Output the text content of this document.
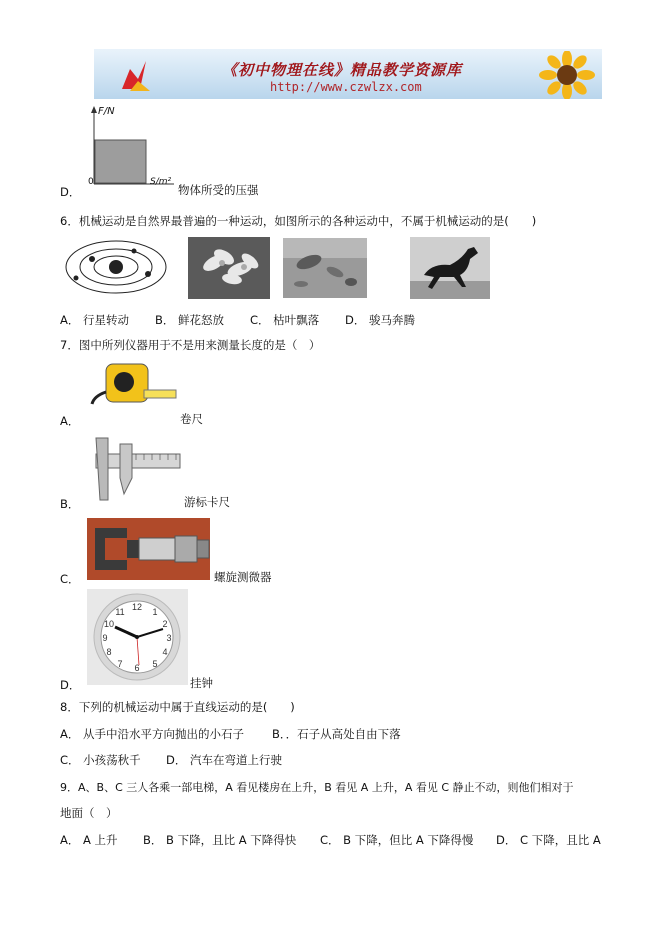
《初中物理在线》精品教学资源库
http://www.czwlzx.com
F/N
0	S/m²
D．	物体所受的压强
6．机械运动是自然界最普遍的一种运动，如图所示的各种运动中，不属于机械运动的是(　　)
A． 行星转动 B． 鲜花怒放 C． 枯叶飘落 D． 骏马奔腾
7．图中所列仪器用于不是用来测量长度的是（　）
A．	卷尺
B．	游标卡尺
C．	螺旋测微器
12 1
2
3
4
5
6
7
8
9
10
11
D．	挂钟
8．下列的机械运动中属于直线运动的是(　　)
A． 从手中沿水平方向抛出的小石子 B．．石子从高处自由下落
C． 小孩荡秋千 D． 汽车在弯道上行驶
9．A、B、C 三人各乘一部电梯，A 看见楼房在上升，B 看见 A 上升，A 看见 C 静止不动，则他们相对于
地面（　）
A． A 上升 B． B 下降，且比 A 下降得快 C． B 下降，但比 A 下降得慢 D． C 下降，且比 A
